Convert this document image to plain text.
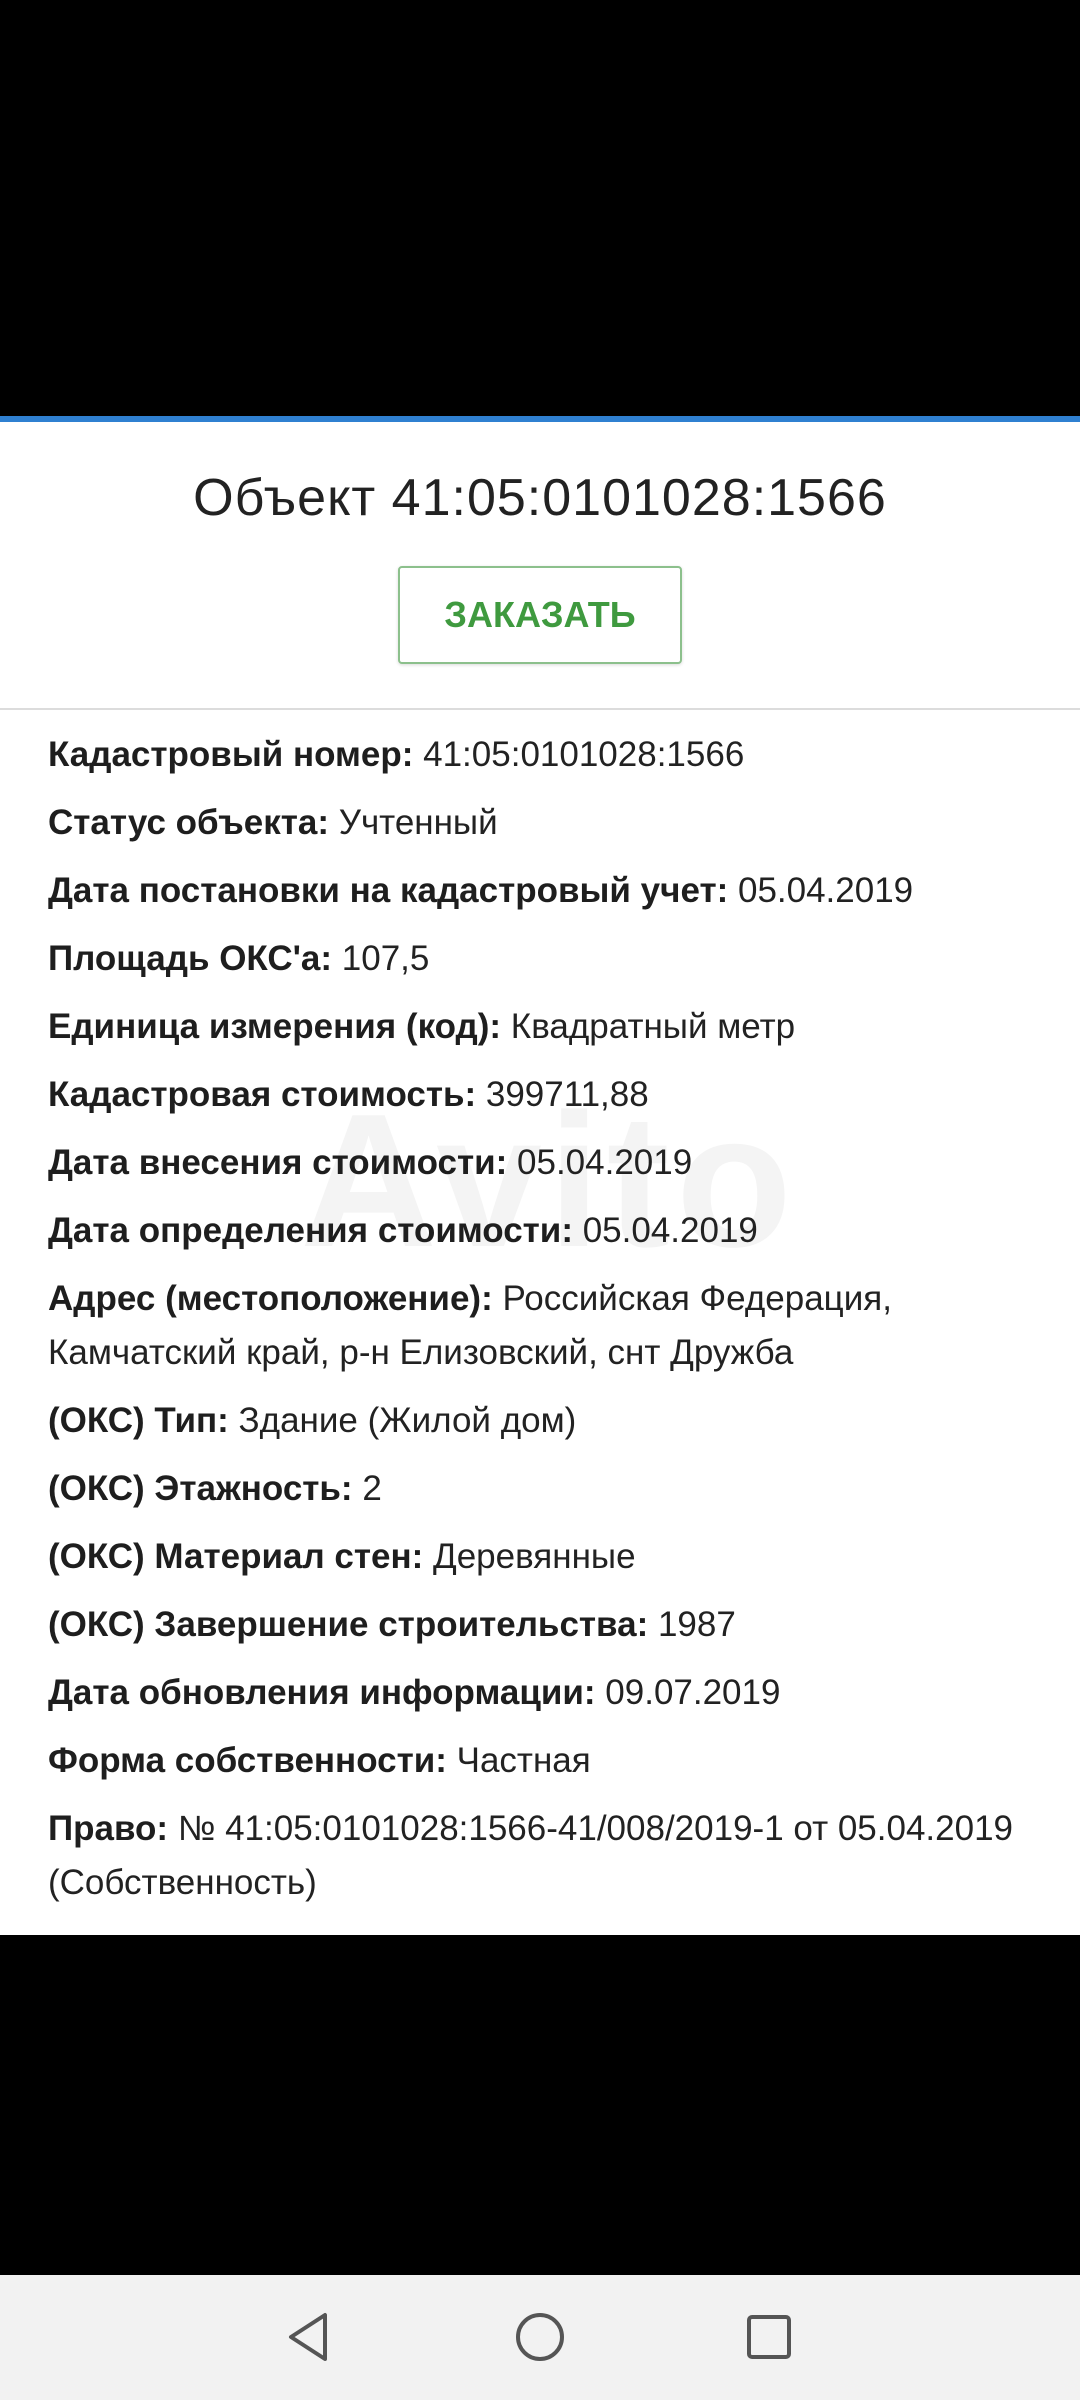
Объект 41:05:0101028:1566
ЗАКАЗАТЬ
Кадастровый номер: 41:05:0101028:1566
Статус объекта: Учтенный
Дата постановки на кадастровый учет: 05.04.2019
Площадь ОКС'а: 107,5
Единица измерения (код): Квадратный метр
Кадастровая стоимость: 399711,88
Дата внесения стоимости: 05.04.2019
Дата определения стоимости: 05.04.2019
Адрес (местоположение): Российская Федерация, Камчатский край, р-н Елизовский, снт Дружба
(ОКС) Тип: Здание (Жилой дом)
(ОКС) Этажность: 2
(ОКС) Материал стен: Деревянные
(ОКС) Завершение строительства: 1987
Дата обновления информации: 09.07.2019
Форма собственности: Частная
Право: № 41:05:0101028:1566-41/008/2019-1 от 05.04.2019 (Собственность)
